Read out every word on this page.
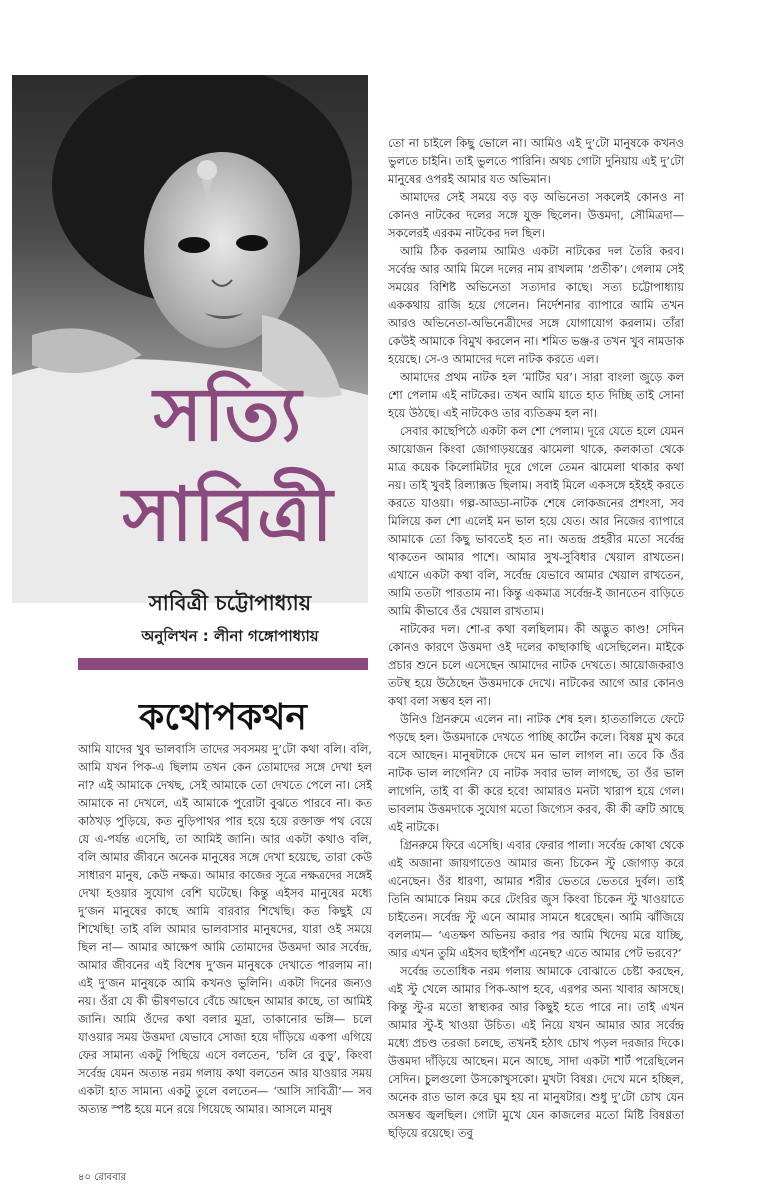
সত্যি
সাবিত্রী
সাবিত্রী চট্টোপাধ্যায়
অনুলিখন : লীনা গঙ্গোপাধ্যায়
কথোপকথন

আমি যাদের খুব ভালবাসি তাদের সবসময় দু’টো কথা বলি। বলি, আমি যখন পিক-এ ছিলাম তখন কেন তোমাদের সঙ্গে দেখা হল না? এই আমাকে দেখছ, সেই আমাকে তো দেখতে পেলে না। সেই আমাকে না দেখলে, এই আমাকে পুরোটা বুঝতে পারবে না। কত কাঠখড় পুড়িয়ে, কত নুড়িপাথর পার হয়ে হয়ে রক্তাক্ত পথ বেয়ে যে এ-পর্যন্ত এসেছি, তা আমিই জানি। আর একটা কথাও বলি, বলি আমার জীবনে অনেক মানুষের সঙ্গে দেখা হয়েছে, তারা কেউ সাধারণ মানুষ, কেউ নক্ষত্র। আমার কাজের সূত্রে নক্ষত্রদের সঙ্গেই দেখা হওয়ার সুযোগ বেশি ঘটেছে। কিন্তু এইসব মানুষের মধ্যে দু’জন মানুষের কাছে আমি বারবার শিখেছি। কত কিছুই যে শিখেছি! তাই বলি আমার ভালবাসার মানুষদের, যারা ওই সময়ে ছিল না— আমার আক্ষেপ আমি তোমাদের উত্তমদা আর সর্বেন্দ্র, আমার জীবনের এই বিশেষ দু’জন মানুষকে দেখাতে পারলাম না। এই দু’জন মানুষকে আমি কখনও ভুলিনি। একটা দিনের জন্যও নয়। ওঁরা যে কী ভীষণভাবে বেঁচে আছেন আমার কাছে, তা আমিই জানি। আমি ওঁদের কথা বলার মুদ্রা, তাকানোর ভঙ্গি— চলে যাওয়ার সময় উত্তমদা যেভাবে সোজা হয়ে দাঁড়িয়ে একপা এগিয়ে ফের সামান্য একটু পিছিয়ে এসে বলতেন, ‘চলি রে বুড়ু’, কিংবা সর্বেন্দ্র যেমন অত্যন্ত নরম গলায় কথা বলতেন আর যাওয়ার সময় একটা হাত সামান্য একটু তুলে বলতেন— ‘আসি সাবিত্রী’— সব অত্যন্ত স্পষ্ট হয়ে মনে রয়ে গিয়েছে আমার। আসলে মানুষ

তো না চাইলে কিছু ভোলে না। আমিও এই দু’টো মানুষকে কখনও ভুলতে চাইনি। তাই ভুলতে পারিনি। অথচ গোটা দুনিয়ায় এই দু’টো মানুষের ওপরই আমার যত অভিমান।

আমাদের সেই সময়ে বড় বড় অভিনেতা সকলেই কোনও না কোনও নাটকের দলের সঙ্গে যুক্ত ছিলেন। উত্তমদা, সৌমিত্রদা— সকলেরই এরকম নাটকের দল ছিল।

আমি ঠিক করলাম আমিও একটা নাটকের দল তৈরি করব। সর্বেন্দ্র আর আমি মিলে দলের নাম রাখলাম ‘প্রতীক’। গেলাম সেই সময়ের বিশিষ্ট অভিনেতা সত্যদার কাছে। সত্য চট্টোপাধ্যায় এককথায় রাজি হয়ে গেলেন। নির্দেশনার ব্যাপারে আমি তখন আরও অভিনেতা-অভিনেত্রীদের সঙ্গে যোগাযোগ করলাম। তাঁরা কেউই আমাকে বিমুখ করলেন না। শমিত ভঞ্জ-র তখন খুব নামডাক হয়েছে। সে-ও আমাদের দলে নাটক করতে এল।

আমাদের প্রথম নাটক হল ‘মাটির ঘর’। সারা বাংলা জুড়ে কল শো পেলাম এই নাটকের। তখন আমি যাতে হাত দিচ্ছি তাই সোনা হয়ে উঠছে। এই নাটকেও তার ব্যতিক্রম হল না।

সেবার কাছেপিঠে একটা কল শো পেলাম। দূরে যেতে হলে যেমন আয়োজন কিংবা জোগাড়যন্ত্রের ঝামেলা থাকে, কলকাতা থেকে মাত্র কয়েক কিলোমিটার দূরে গেলে তেমন ঝামেলা থাকার কথা নয়। তাই খুবই রিল্যাক্সড ছিলাম। সবাই মিলে একসঙ্গে হইহই করতে করতে যাওয়া। গল্প-আড্ডা-নাটক শেষে লোকজনের প্রশংসা, সব মিলিয়ে কল শো এলেই মন ভাল হয়ে যেত। আর নিজের ব্যাপারে আমাকে তো কিছু ভাবতেই হত না। অতন্দ্র প্রহরীর মতো সর্বেন্দ্র থাকতেন আমার পাশে। আমার সুখ-সুবিধার খেয়াল রাখতেন। এখানে একটা কথা বলি, সর্বেন্দ্র যেভাবে আমার খেয়াল রাখতেন, আমি ততটা পারতাম না। কিন্তু একমাত্র সর্বেন্দ্র-ই জানতেন বাড়িতে আমি কীভাবে ওঁর খেয়াল রাখতাম।

নাটকের দল। শো-র কথা বলছিলাম। কী অদ্ভুত কাণ্ড! সেদিন কোনও কারণে উত্তমদা ওই দলের কাছাকাছি এসেছিলেন। মাইকে প্রচার শুনে চলে এসেছেন আমাদের নাটক দেখতে। আয়োজকরাও তটস্থ হয়ে উঠেছেন উত্তমদাকে দেখে। নাটকের আগে আর কোনও কথা বলা সম্ভব হল না।

উনিও গ্রিনরুমে এলেন না। নাটক শেষ হল। হাততালিতে ফেটে পড়ছে হল। উত্তমদাকে দেখতে পাচ্ছি কার্টেন কলে। বিষণ্ণ মুখ করে বসে আছেন। মানুষটাকে দেখে মন ভাল লাগল না। তবে কি ওঁর নাটক ভাল লাগেনি? যে নাটক সবার ভাল লাগছে, তা ওঁর ভাল লাগেনি, তাই বা কী করে হবে! আমারও মনটা খারাপ হয়ে গেল। ভাবলাম উত্তমদাকে সুযোগ মতো জিগ্যেস করব, কী কী ত্রুটি আছে এই নাটকে।

গ্রিনরুমে ফিরে এসেছি। এবার ফেরার পালা। সর্বেন্দ্র কোথা থেকে এই অজানা জায়গাতেও আমার জন্য চিকেন স্টু জোগাড় করে এনেছেন। ওঁর ধারণা, আমার শরীর ভেতরে ভেতরে দুর্বল। তাই তিনি আমাকে নিয়ম করে টেংরির জুস কিংবা চিকেন স্টু খাওয়াতে চাইতেন। সর্বেন্দ্র স্টু এনে আমার সামনে ধরেছেন। আমি ঝাঁজিয়ে বললাম— ‘এতক্ষণ অভিনয় করার পর আমি খিদেয় মরে যাচ্ছি, আর এখন তুমি এইসব ছাইপাঁশ এনেছ? এতে আমার পেট ভরবে?’

সর্বেন্দ্র ততোধিক নরম গলায় আমাকে বোঝাতে চেষ্টা করছেন, এই স্টু খেলে আমার পিক-আপ হবে, এরপর অন্য খাবার আসছে। কিন্তু স্টু-র মতো স্বাস্থ্যকর আর কিছুই হতে পারে না। তাই এখন আমার স্টু-ই খাওয়া উচিত। এই নিয়ে যখন আমার আর সর্বেন্দ্র মধ্যে প্রচণ্ড তরজা চলছে, তখনই হঠাৎ চোখ পড়ল দরজার দিকে। উত্তমদা দাঁড়িয়ে আছেন। মনে আছে, সাদা একটা শার্ট পরেছিলেন সেদিন। চুলগুলো উসকোখুসকো। মুখটা বিষণ্ণ। দেখে মনে হচ্ছিল, অনেক রাত ভাল করে ঘুম হয় না মানুষটার। শুধু দু’টো চোখ যেন অসম্ভব জ্বলছিল। গোটা মুখে যেন কাজলের মতো মিষ্টি বিষণ্ণতা ছড়িয়ে রয়েছে। তবু

৪০ রোববার
